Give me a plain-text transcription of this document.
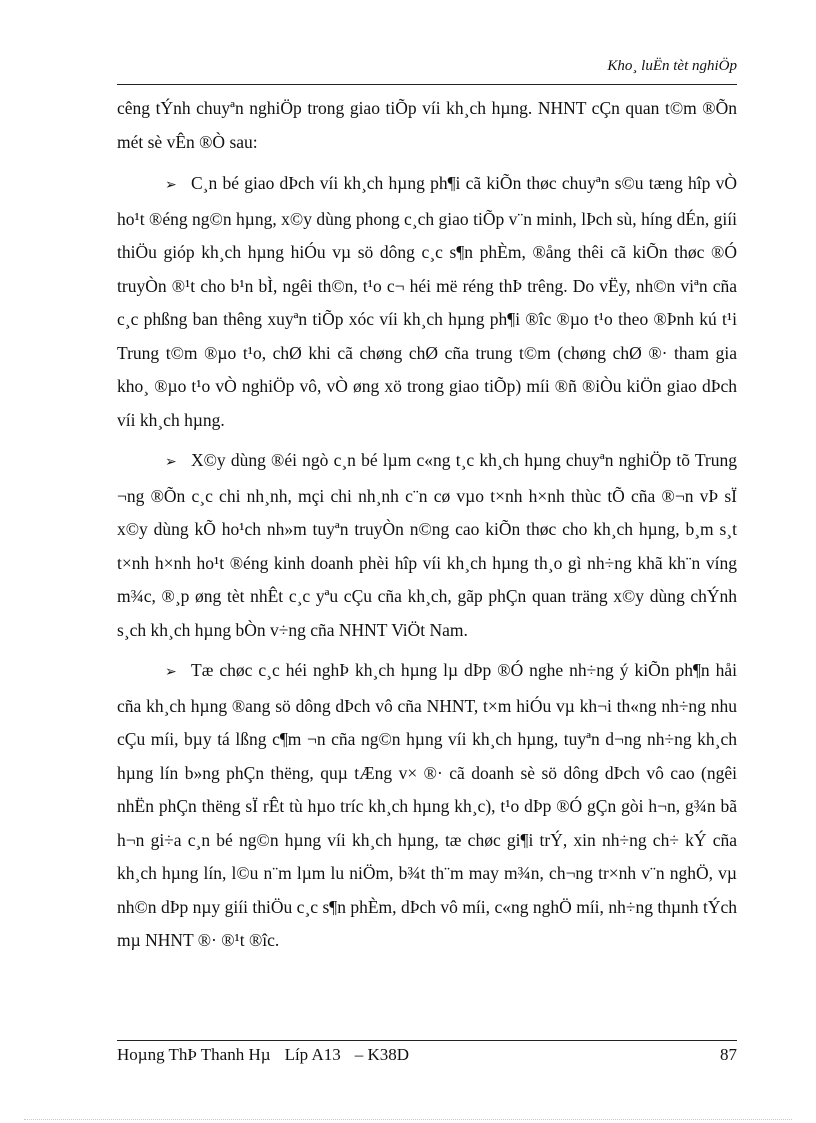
Kho¸ luËn tèt nghiÖp

cêng tÝnh chuyªn nghiÖp trong giao tiÕp víi kh¸ch hµng. NHNT cÇn quan t©m ®Õn mét sè vÊn ®Ò sau:

➢ C¸n bé giao dÞch víi kh¸ch hµng ph¶i cã kiÕn thøc chuyªn s©u tæng hîp vÒ ho¹t ®éng ng©n hµng, x©y dùng phong c¸ch giao tiÕp v¨n minh, lÞch sù, híng dÉn, giíi thiÖu gióp kh¸ch hµng hiÓu vµ sö dông c¸c s¶n phÈm, ®ång thêi cã kiÕn thøc ®Ó truyÒn ®¹t cho b¹n bÌ, ngêi th©n, t¹o c¬ héi më réng thÞ trêng. Do vËy, nh©n viªn cña c¸c phßng ban thêng xuyªn tiÕp xóc víi kh¸ch hµng ph¶i ®îc ®µo t¹o theo ®Þnh kú t¹i Trung t©m ®µo t¹o, chØ khi cã chøng chØ cña trung t©m (chøng chØ ®· tham gia kho¸ ®µo t¹o vÒ nghiÖp vô, vÒ øng xö trong giao tiÕp) míi ®ñ ®iÒu kiÖn giao dÞch víi kh¸ch hµng.

➢ X©y dùng ®éi ngò c¸n bé lµm c«ng t¸c kh¸ch hµng chuyªn nghiÖp tõ Trung ¬ng ®Õn c¸c chi nh¸nh, mçi chi nh¸nh c¨n cø vµo t×nh h×nh thùc tÕ cña ®¬n vÞ sÏ x©y dùng kÕ ho¹ch nh»m tuyªn truyÒn n©ng cao kiÕn thøc cho kh¸ch hµng, b¸m s¸t t×nh h×nh ho¹t ®éng kinh doanh phèi hîp víi kh¸ch hµng th¸o gì nh÷ng khã kh¨n víng m¾c, ®¸p øng tèt nhÊt c¸c yªu cÇu cña kh¸ch, gãp phÇn quan träng x©y dùng chÝnh s¸ch kh¸ch hµng bÒn v÷ng cña NHNT ViÖt Nam.

➢ Tæ chøc c¸c héi nghÞ kh¸ch hµng lµ dÞp ®Ó nghe nh÷ng ý kiÕn ph¶n håi cña kh¸ch hµng ®ang sö dông dÞch vô cña NHNT, t×m hiÓu vµ kh¬i th«ng nh÷ng nhu cÇu míi, bµy tá lßng c¶m ¬n cña ng©n hµng víi kh¸ch hµng, tuyªn d¬ng nh÷ng kh¸ch hµng lín b»ng phÇn thëng, quµ tÆng v× ®· cã doanh sè sö dông dÞch vô cao (ngêi nhËn phÇn thëng sÏ rÊt tù hµo tríc kh¸ch hµng kh¸c), t¹o dÞp ®Ó gÇn gòi h¬n, g¾n bã h¬n gi÷a c¸n bé ng©n hµng víi kh¸ch hµng, tæ chøc gi¶i trÝ, xin nh÷ng ch÷ kÝ cña kh¸ch hµng lín, l©u n¨m lµm lu niÖm, b¾t th¨m may m¾n, ch¬ng tr×nh v¨n nghÖ, vµ nh©n dÞp nµy giíi thiÖu c¸c s¶n phÈm, dÞch vô míi, c«ng nghÖ míi, nh÷ng thµnh tÝch mµ NHNT ®· ®¹t ®îc.

Hoµng ThÞ Thanh Hµ Líp A13 – K38D	87
